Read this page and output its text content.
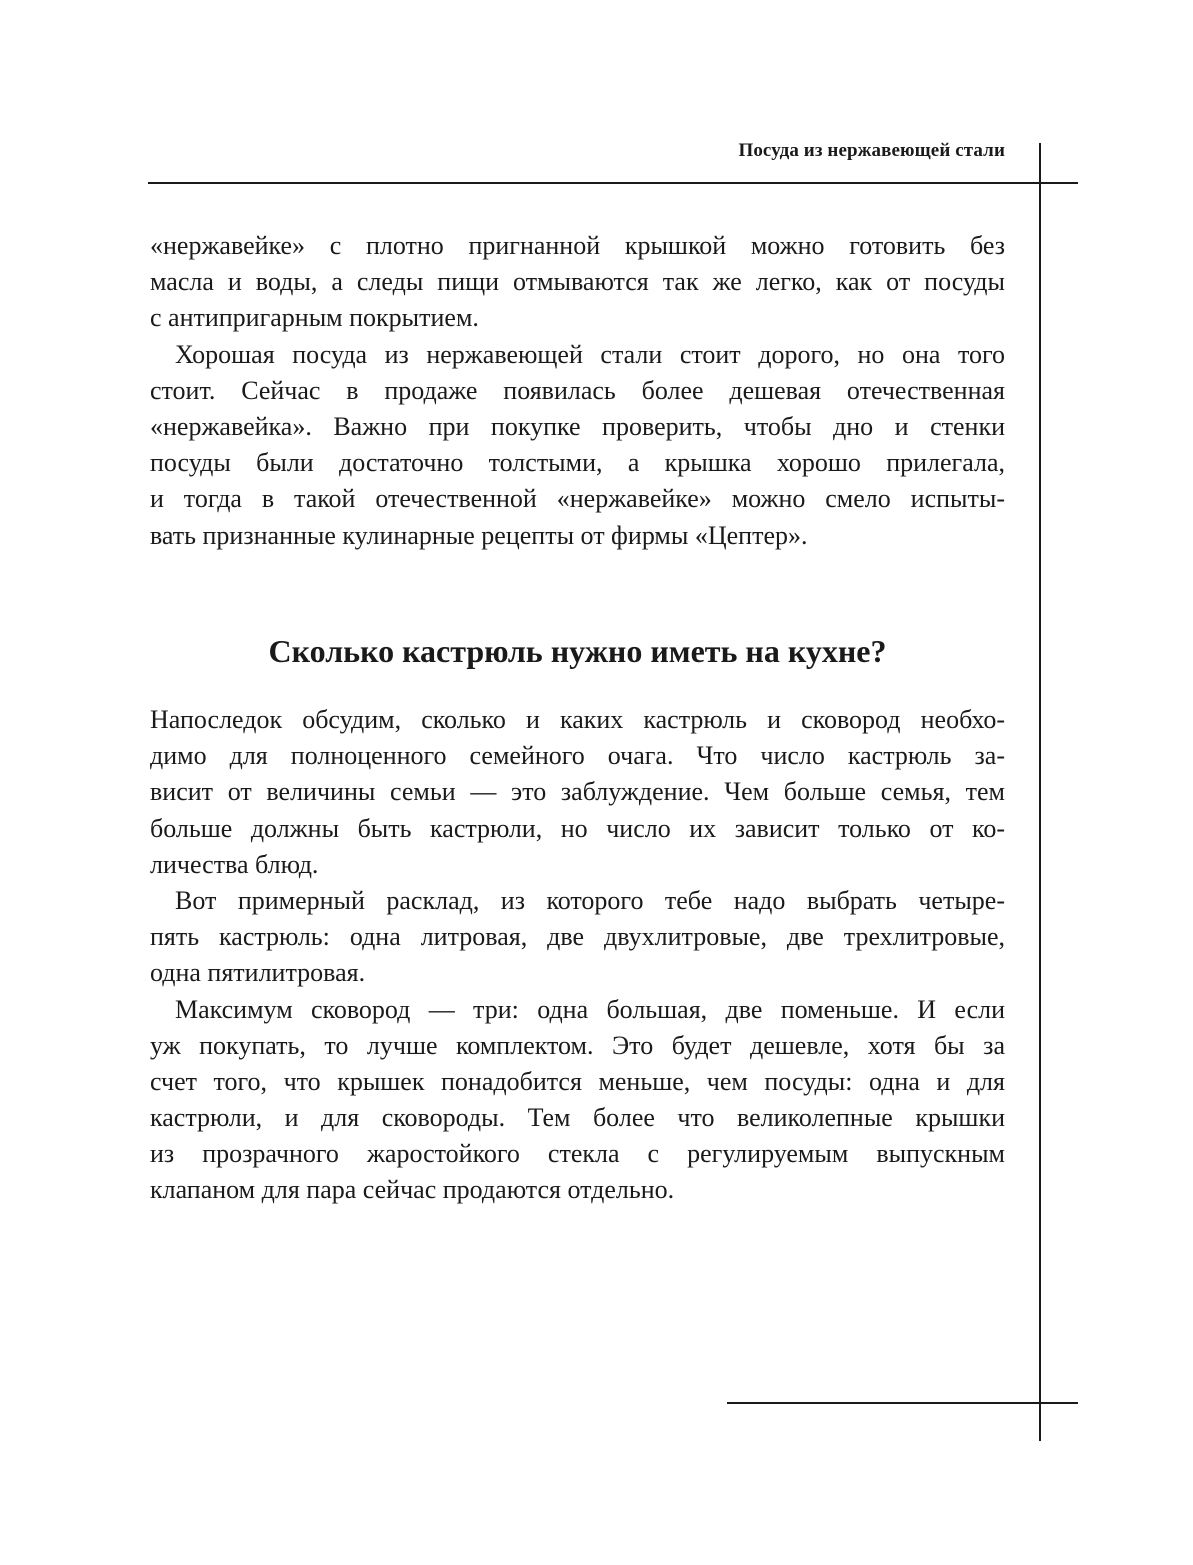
Посуда из нержавеющей стали
«нержавейке» с плотно пригнанной крышкой можно готовить без
масла и воды, а следы пищи отмываются так же легко, как от посуды
с антипригарным покрытием.
Хорошая посуда из нержавеющей стали стоит дорого, но она того
стоит. Сейчас в продаже появилась более дешевая отечественная
«нержавейка». Важно при покупке проверить, чтобы дно и стенки
посуды были достаточно толстыми, а крышка хорошо прилегала,
и тогда в такой отечественной «нержавейке» можно смело испыты-
вать признанные кулинарные рецепты от фирмы «Цептер».
Сколько кастрюль нужно иметь на кухне?
Напоследок обсудим, сколько и каких кастрюль и сковород необхо-
димо для полноценного семейного очага. Что число кастрюль за-
висит от величины семьи — это заблуждение. Чем больше семья, тем
больше должны быть кастрюли, но число их зависит только от ко-
личества блюд.
Вот примерный расклад, из которого тебе надо выбрать четыре-
пять кастрюль: одна литровая, две двухлитровые, две трехлитровые,
одна пятилитровая.
Максимум сковород — три: одна большая, две поменьше. И если
уж покупать, то лучше комплектом. Это будет дешевле, хотя бы за
счет того, что крышек понадобится меньше, чем посуды: одна и для
кастрюли, и для сковороды. Тем более что великолепные крышки
из прозрачного жаростойкого стекла с регулируемым выпускным
клапаном для пара сейчас продаются отдельно.
